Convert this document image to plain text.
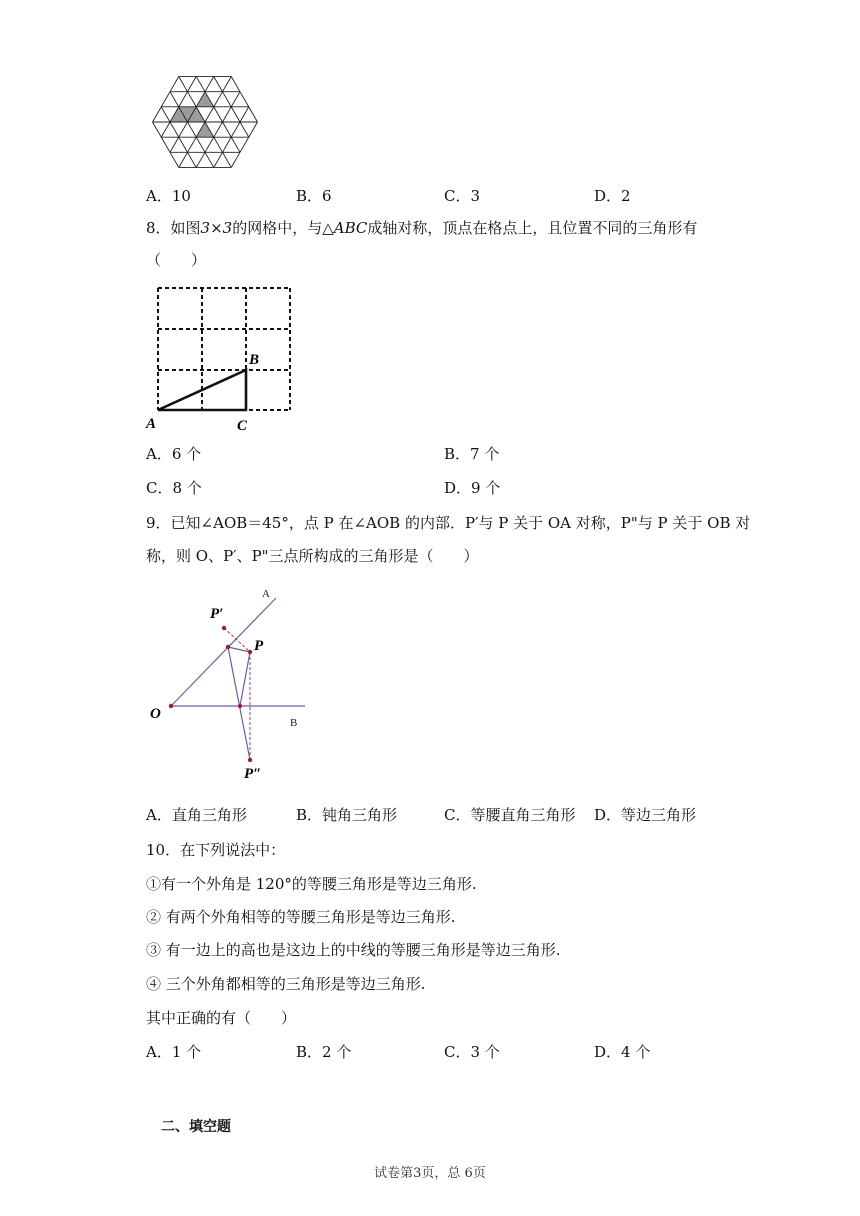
A．10	B．6	C．3	D．2
8．如图3×3的网格中，与△ABC成轴对称，顶点在格点上，且位置不同的三角形有
（　　）
A	C
B
A．6 个	B．7 个
C．8 个	D．9 个
9．已知∠AOB＝45°，点 P 在∠AOB 的内部．P′与 P 关于 OA 对称，P"与 P 关于 OB 对
称，则 O、P′、P"三点所构成的三角形是（　　）
A
B
O
P
P′
P″
A．直角三角形	B．钝角三角形	C．等腰直角三角形 D．等边三角形
10．在下列说法中：
①有一个外角是 120°的等腰三角形是等边三角形.
② 有两个外角相等的等腰三角形是等边三角形.
③ 有一边上的高也是这边上的中线的等腰三角形是等边三角形.
④ 三个外角都相等的三角形是等边三角形.
其中正确的有（　　）
A．1 个	B．2 个	C．3 个	D．4 个
二、填空题
试卷第3页，总 6页
